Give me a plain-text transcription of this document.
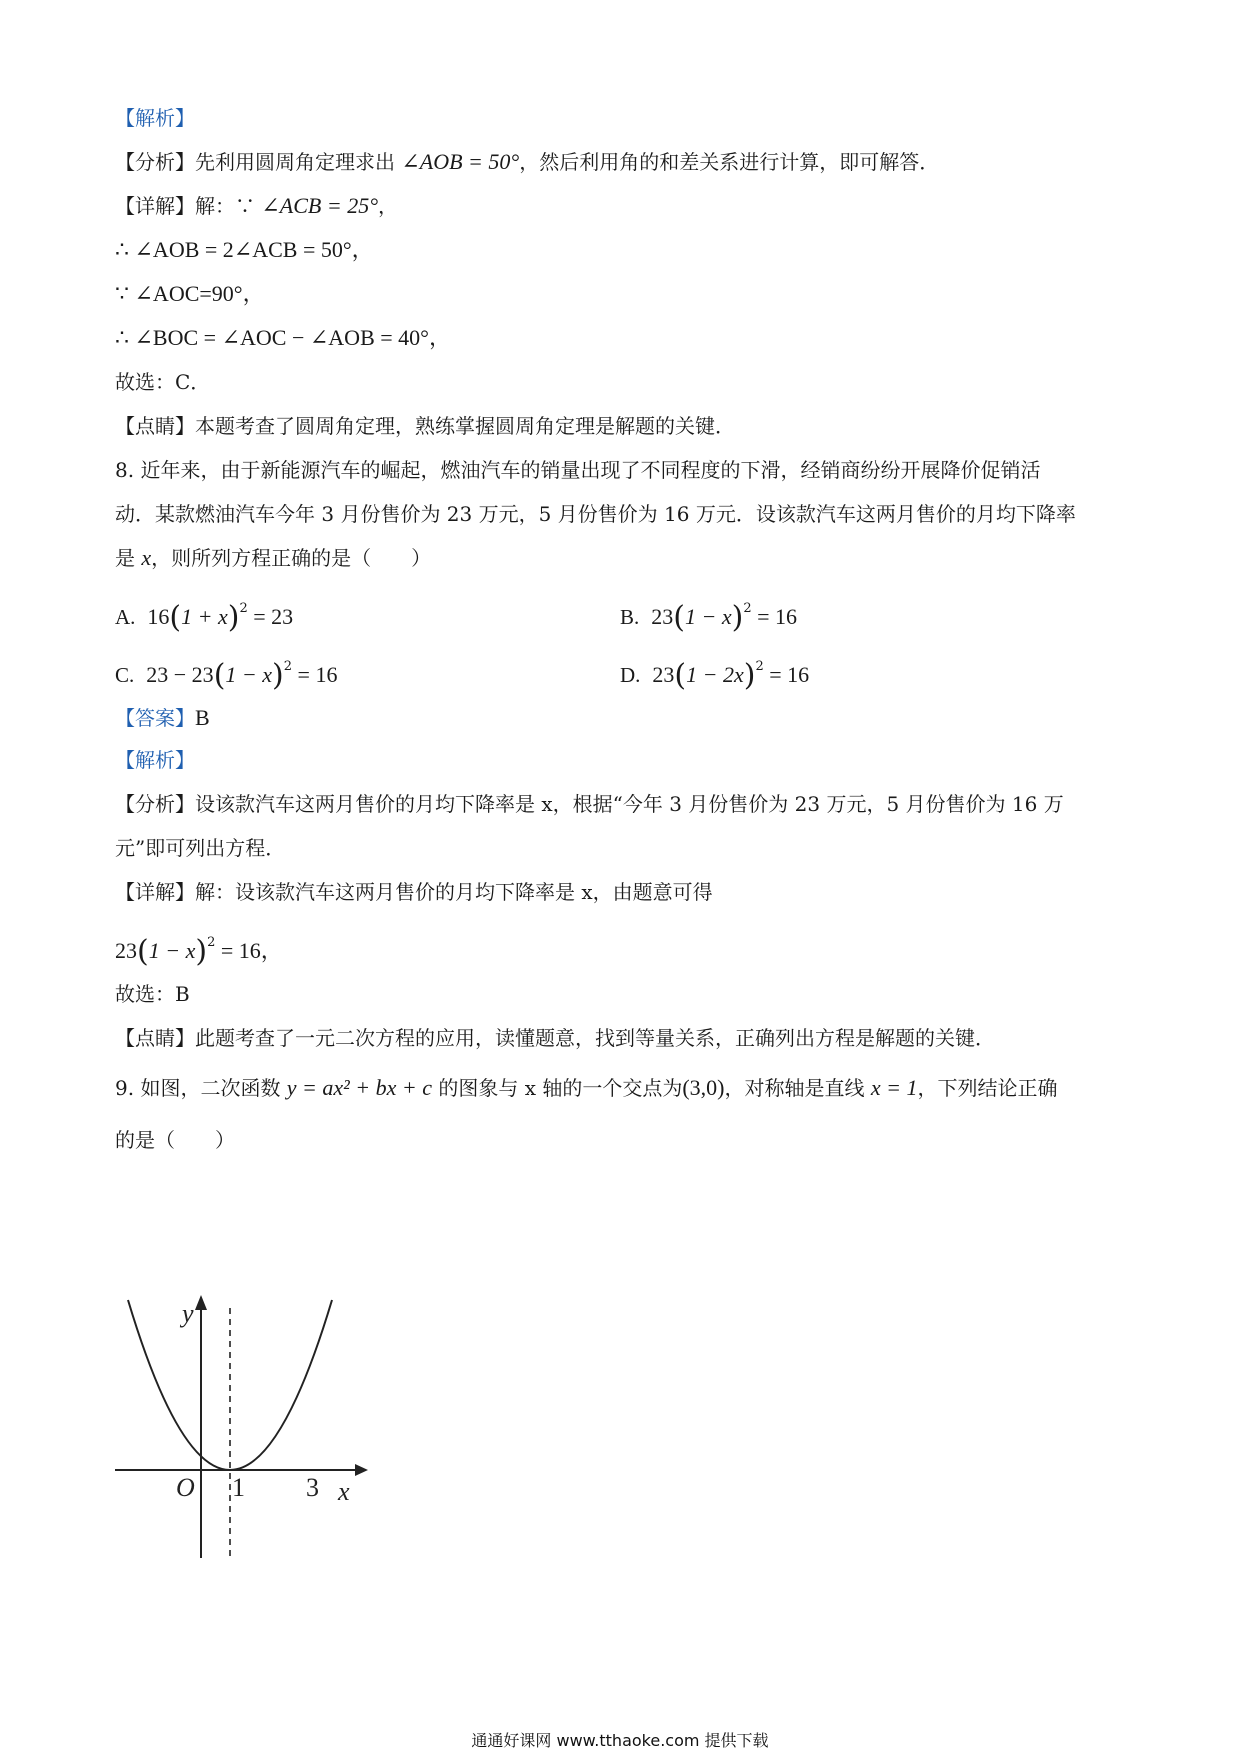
【解析】
【分析】先利用圆周角定理求出 ∠AOB = 50°，然后利用角的和差关系进行计算，即可解答．
【详解】解：∵ ∠ACB = 25°，
∴ ∠AOB = 2∠ACB = 50°，
∵ ∠AOC=90°，
∴ ∠BOC = ∠AOC − ∠AOB = 40°，
故选：C．
【点睛】本题考查了圆周角定理，熟练掌握圆周角定理是解题的关键．
8. 近年来，由于新能源汽车的崛起，燃油汽车的销量出现了不同程度的下滑，经销商纷纷开展降价促销活
动．某款燃油汽车今年 3 月份售价为 23 万元，5 月份售价为 16 万元．设该款汽车这两月售价的月均下降率
是 x，则所列方程正确的是（　　）
A. $16(1 + x)^2 = 23$	B. $23(1 - x)^2 = 16$
C. $23 - 23(1 - x)^2 = 16$	D. $23(1 - 2x)^2 = 16$
【答案】B
【解析】
【分析】设该款汽车这两月售价的月均下降率是 x，根据“今年 3 月份售价为 23 万元，5 月份售价为 16 万
元”即可列出方程．
【详解】解：设该款汽车这两月售价的月均下降率是 x，由题意可得
$23(1 - x)^2 = 16$，
故选：B
【点睛】此题考查了一元二次方程的应用，读懂题意，找到等量关系，正确列出方程是解题的关键．
9. 如图，二次函数 y = ax² + bx + c 的图象与 x 轴的一个交点为(3,0)，对称轴是直线 x = 1，下列结论正确
的是（　　）
y
O 1 3 x
通通好课网 www.tthaoke.com 提供下载
